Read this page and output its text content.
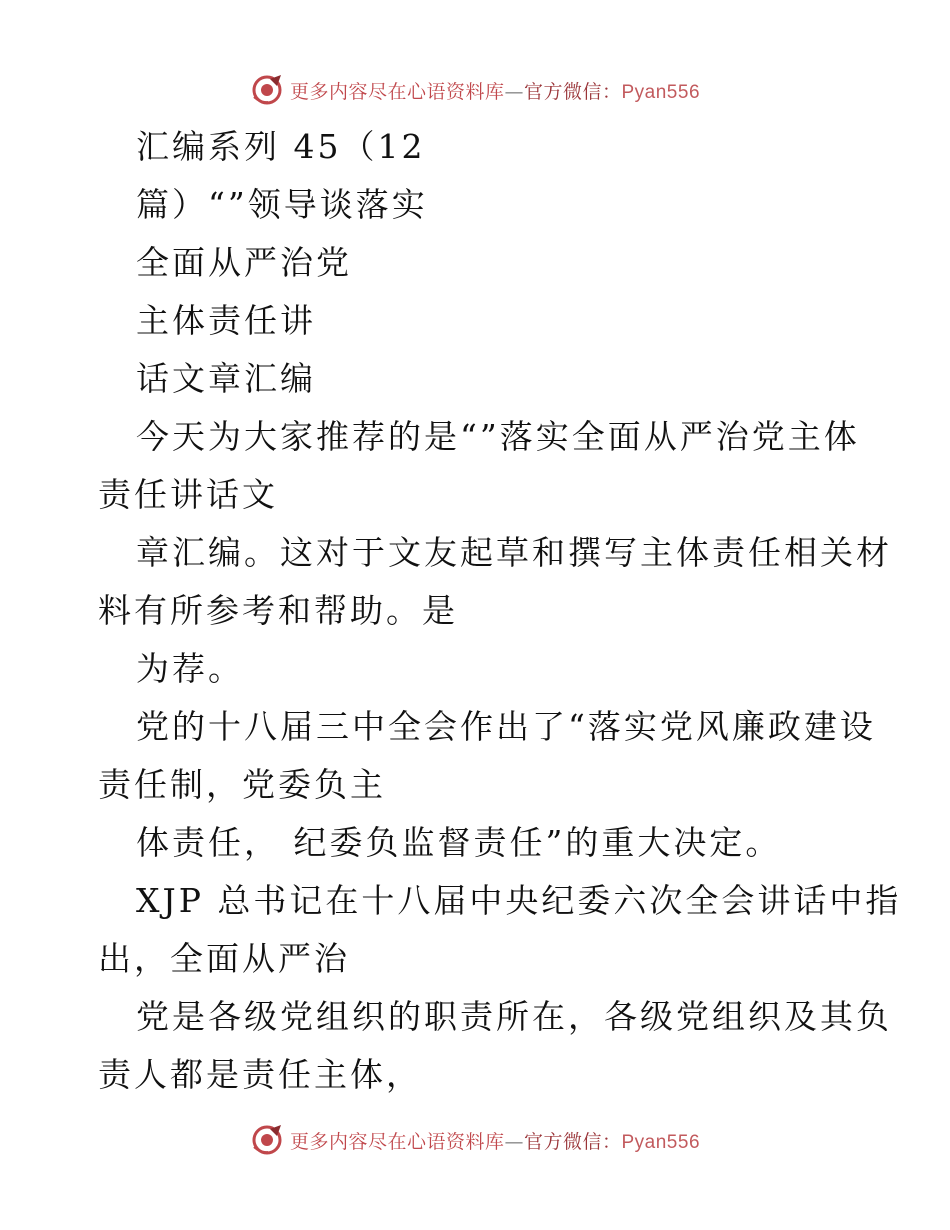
更多内容尽在心语资料库—官方微信：Pyan556
汇编系列 45（12
篇）“”领导谈落实
全面从严治党
主体责任讲
话文章汇编
今天为大家推荐的是“”落实全面从严治党主体
责任讲话文
章汇编。这对于文友起草和撰写主体责任相关材
料有所参考和帮助。是
为荐。
党的十八届三中全会作出了“落实党风廉政建设
责任制，党委负主
体责任， 纪委负监督责任”的重大决定。
XJP 总书记在十八届中央纪委六次全会讲话中指
出，全面从严治
党是各级党组织的职责所在，各级党组织及其负
责人都是责任主体，
更多内容尽在心语资料库—官方微信：Pyan556
